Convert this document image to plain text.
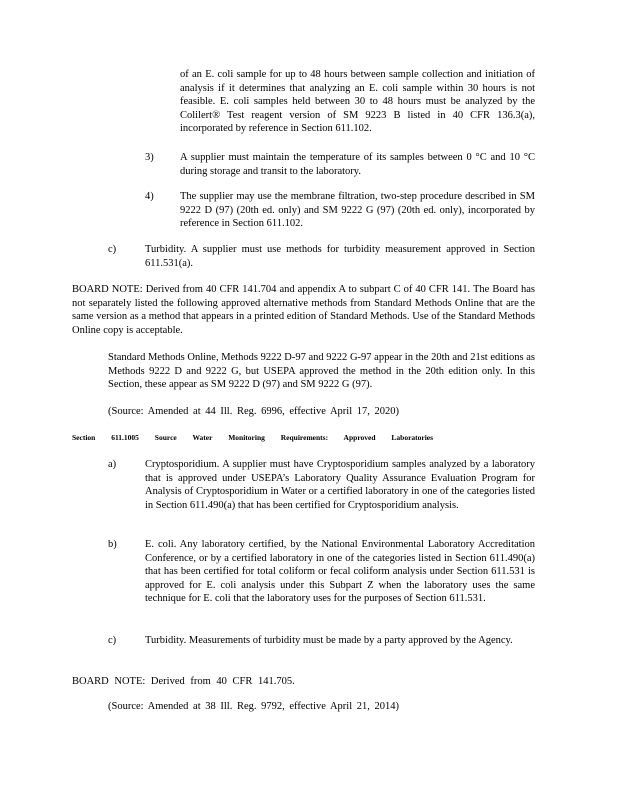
of an E. coli sample for up to 48 hours between sample collection and initiation of analysis if it determines that analyzing an E. coli sample within 30 hours is not feasible. E. coli samples held between 30 to 48 hours must be analyzed by the Colilert® Test reagent version of SM 9223 B listed in 40 CFR 136.3(a), incorporated by reference in Section 611.102.
3)	A supplier must maintain the temperature of its samples between 0 °C and 10 °C during storage and transit to the laboratory.
4)	The supplier may use the membrane filtration, two-step procedure described in SM 9222 D (97) (20th ed. only) and SM 9222 G (97) (20th ed. only), incorporated by reference in Section 611.102.
c)	Turbidity. A supplier must use methods for turbidity measurement approved in Section 611.531(a).
BOARD NOTE: Derived from 40 CFR 141.704 and appendix A to subpart C of 40 CFR 141. The Board has not separately listed the following approved alternative methods from Standard Methods Online that are the same version as a method that appears in a printed edition of Standard Methods. Use of the Standard Methods Online copy is acceptable.
Standard Methods Online, Methods 9222 D-97 and 9222 G-97 appear in the 20th and 21st editions as Methods 9222 D and 9222 G, but USEPA approved the method in the 20th edition only. In this Section, these appear as SM 9222 D (97) and SM 9222 G (97).
(Source: Amended at 44 Ill. Reg. 6996, effective April 17, 2020)
Section 611.1005 Source Water Monitoring Requirements: Approved Laboratories
a)	Cryptosporidium. A supplier must have Cryptosporidium samples analyzed by a laboratory that is approved under USEPA’s Laboratory Quality Assurance Evaluation Program for Analysis of Cryptosporidium in Water or a certified laboratory in one of the categories listed in Section 611.490(a) that has been certified for Cryptosporidium analysis.
b)	E. coli. Any laboratory certified, by the National Environmental Laboratory Accreditation Conference, or by a certified laboratory in one of the categories listed in Section 611.490(a) that has been certified for total coliform or fecal coliform analysis under Section 611.531 is approved for E. coli analysis under this Subpart Z when the laboratory uses the same technique for E. coli that the laboratory uses for the purposes of Section 611.531.
c)	Turbidity. Measurements of turbidity must be made by a party approved by the Agency.
BOARD NOTE: Derived from 40 CFR 141.705.
(Source: Amended at 38 Ill. Reg. 9792, effective April 21, 2014)
